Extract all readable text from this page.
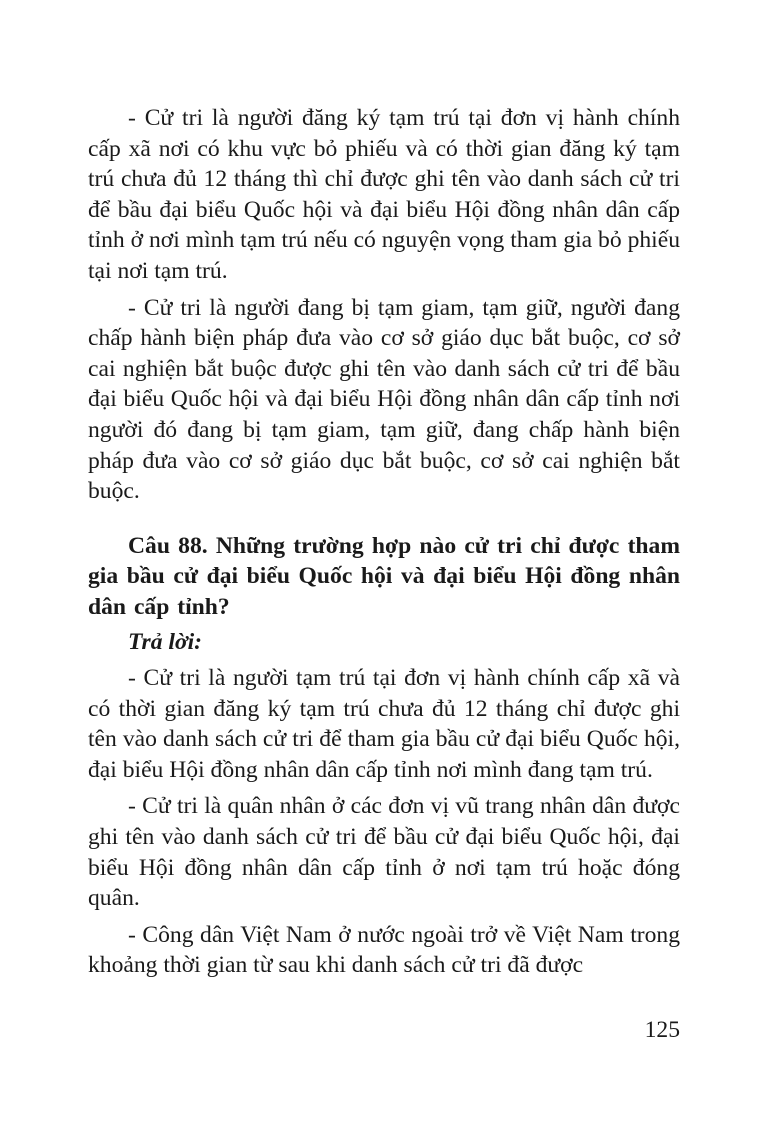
- Cử tri là người đăng ký tạm trú tại đơn vị hành chính cấp xã nơi có khu vực bỏ phiếu và có thời gian đăng ký tạm trú chưa đủ 12 tháng thì chỉ được ghi tên vào danh sách cử tri để bầu đại biểu Quốc hội và đại biểu Hội đồng nhân dân cấp tỉnh ở nơi mình tạm trú nếu có nguyện vọng tham gia bỏ phiếu tại nơi tạm trú.

- Cử tri là người đang bị tạm giam, tạm giữ, người đang chấp hành biện pháp đưa vào cơ sở giáo dục bắt buộc, cơ sở cai nghiện bắt buộc được ghi tên vào danh sách cử tri để bầu đại biểu Quốc hội và đại biểu Hội đồng nhân dân cấp tỉnh nơi người đó đang bị tạm giam, tạm giữ, đang chấp hành biện pháp đưa vào cơ sở giáo dục bắt buộc, cơ sở cai nghiện bắt buộc.

Câu 88. Những trường hợp nào cử tri chỉ được tham gia bầu cử đại biểu Quốc hội và đại biểu Hội đồng nhân dân cấp tỉnh?

Trả lời:

- Cử tri là người tạm trú tại đơn vị hành chính cấp xã và có thời gian đăng ký tạm trú chưa đủ 12 tháng chỉ được ghi tên vào danh sách cử tri để tham gia bầu cử đại biểu Quốc hội, đại biểu Hội đồng nhân dân cấp tỉnh nơi mình đang tạm trú.

- Cử tri là quân nhân ở các đơn vị vũ trang nhân dân được ghi tên vào danh sách cử tri để bầu cử đại biểu Quốc hội, đại biểu Hội đồng nhân dân cấp tỉnh ở nơi tạm trú hoặc đóng quân.

- Công dân Việt Nam ở nước ngoài trở về Việt Nam trong khoảng thời gian từ sau khi danh sách cử tri đã được

125
